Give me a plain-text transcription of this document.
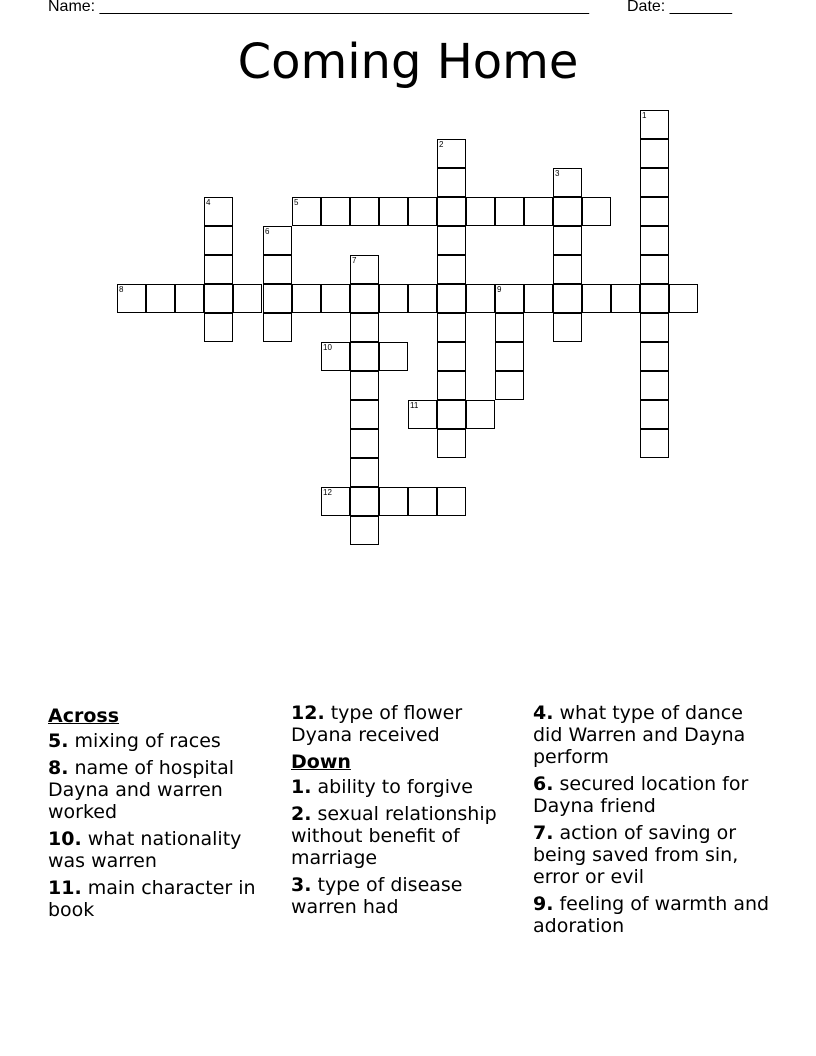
Name: _______________________________________________________ Date: _______
Coming Home
1
2
3
4	5
6
7
8	9
10
11
12
Across
5. mixing of races
8. name of hospital Dayna and warren worked
10. what nationality was warren
11. main character in book
12. type of flower Dyana received
Down
1. ability to forgive
2. sexual relationship without benefit of marriage
3. type of disease warren had
4. what type of dance did Warren and Dayna perform
6. secured location for Dayna friend
7. action of saving or being saved from sin, error or evil
9. feeling of warmth and adoration
